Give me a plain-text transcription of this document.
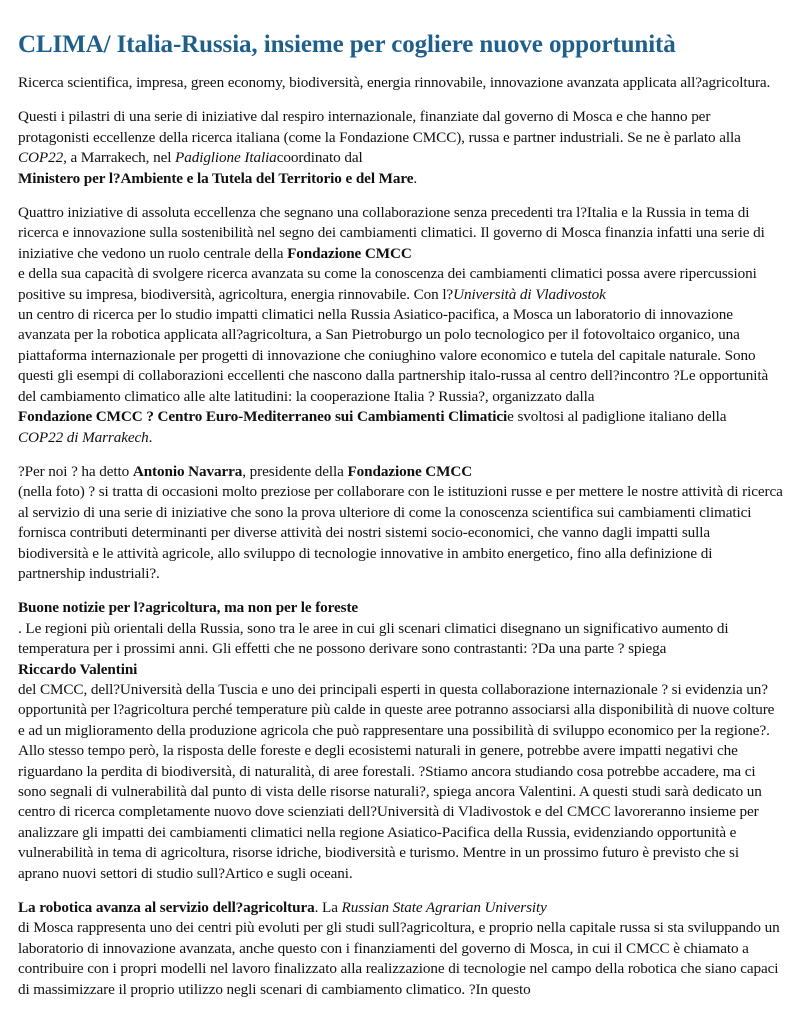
CLIMA/ Italia-Russia, insieme per cogliere nuove opportunità

Ricerca scientifica, impresa, green economy, biodiversità, energia rinnovabile, innovazione avanzata applicata all?agricoltura.

Questi i pilastri di una serie di iniziative dal respiro internazionale, finanziate dal governo di Mosca e che hanno per protagonisti eccellenze della ricerca italiana (come la Fondazione CMCC), russa e partner industriali. Se ne è parlato alla COP22, a Marrakech, nel Padiglione Italiacoordinato dal
Ministero per l?Ambiente e la Tutela del Territorio e del Mare.

Quattro iniziative di assoluta eccellenza che segnano una collaborazione senza precedenti tra l?Italia e la Russia in tema di ricerca e innovazione sulla sostenibilità nel segno dei cambiamenti climatici. Il governo di Mosca finanzia infatti una serie di iniziative che vedono un ruolo centrale della Fondazione CMCC
e della sua capacità di svolgere ricerca avanzata su come la conoscenza dei cambiamenti climatici possa avere ripercussioni positive su impresa, biodiversità, agricoltura, energia rinnovabile. Con l?Università di Vladivostok
un centro di ricerca per lo studio impatti climatici nella Russia Asiatico-pacifica, a Mosca un laboratorio di innovazione avanzata per la robotica applicata all?agricoltura, a San Pietroburgo un polo tecnologico per il fotovoltaico organico, una piattaforma internazionale per progetti di innovazione che coniughino valore economico e tutela del capitale naturale. Sono questi gli esempi di collaborazioni eccellenti che nascono dalla partnership italo-russa al centro dell?incontro ?Le opportunità del cambiamento climatico alle alte latitudini: la cooperazione Italia ? Russia?, organizzato dalla
Fondazione CMCC ? Centro Euro-Mediterraneo sui Cambiamenti Climaticie svoltosi al padiglione italiano della
COP22 di Marrakech.

?Per noi ? ha detto Antonio Navarra, presidente della Fondazione CMCC
(nella foto) ? si tratta di occasioni molto preziose per collaborare con le istituzioni russe e per mettere le nostre attività di ricerca al servizio di una serie di iniziative che sono la prova ulteriore di come la conoscenza scientifica sui cambiamenti climatici fornisca contributi determinanti per diverse attività dei nostri sistemi socio-economici, che vanno dagli impatti sulla biodiversità e le attività agricole, allo sviluppo di tecnologie innovative in ambito energetico, fino alla definizione di partnership industriali?.

Buone notizie per l?agricoltura, ma non per le foreste
. Le regioni più orientali della Russia, sono tra le aree in cui gli scenari climatici disegnano un significativo aumento di temperatura per i prossimi anni. Gli effetti che ne possono derivare sono contrastanti: ?Da una parte ? spiega
Riccardo Valentini
del CMCC, dell?Università della Tuscia e uno dei principali esperti in questa collaborazione internazionale ? si evidenzia un?opportunità per l?agricoltura perché temperature più calde in queste aree potranno associarsi alla disponibilità di nuove colture e ad un miglioramento della produzione agricola che può rappresentare una possibilità di sviluppo economico per la regione?. Allo stesso tempo però, la risposta delle foreste e degli ecosistemi naturali in genere, potrebbe avere impatti negativi che riguardano la perdita di biodiversità, di naturalità, di aree forestali. ?Stiamo ancora studiando cosa potrebbe accadere, ma ci sono segnali di vulnerabilità dal punto di vista delle risorse naturali?, spiega ancora Valentini. A questi studi sarà dedicato un centro di ricerca completamente nuovo dove scienziati dell?Università di Vladivostok e del CMCC lavoreranno insieme per analizzare gli impatti dei cambiamenti climatici nella regione Asiatico-Pacifica della Russia, evidenziando opportunità e vulnerabilità in tema di agricoltura, risorse idriche, biodiversità e turismo. Mentre in un prossimo futuro è previsto che si aprano nuovi settori di studio sull?Artico e sugli oceani.

La robotica avanza al servizio dell?agricoltura. La Russian State Agrarian University
di Mosca rappresenta uno dei centri più evoluti per gli studi sull?agricoltura, e proprio nella capitale russa si sta sviluppando un laboratorio di innovazione avanzata, anche questo con i finanziamenti del governo di Mosca, in cui il CMCC è chiamato a contribuire con i propri modelli nel lavoro finalizzato alla realizzazione di tecnologie nel campo della robotica che siano capaci di massimizzare il proprio utilizzo negli scenari di cambiamento climatico. ?In questo
